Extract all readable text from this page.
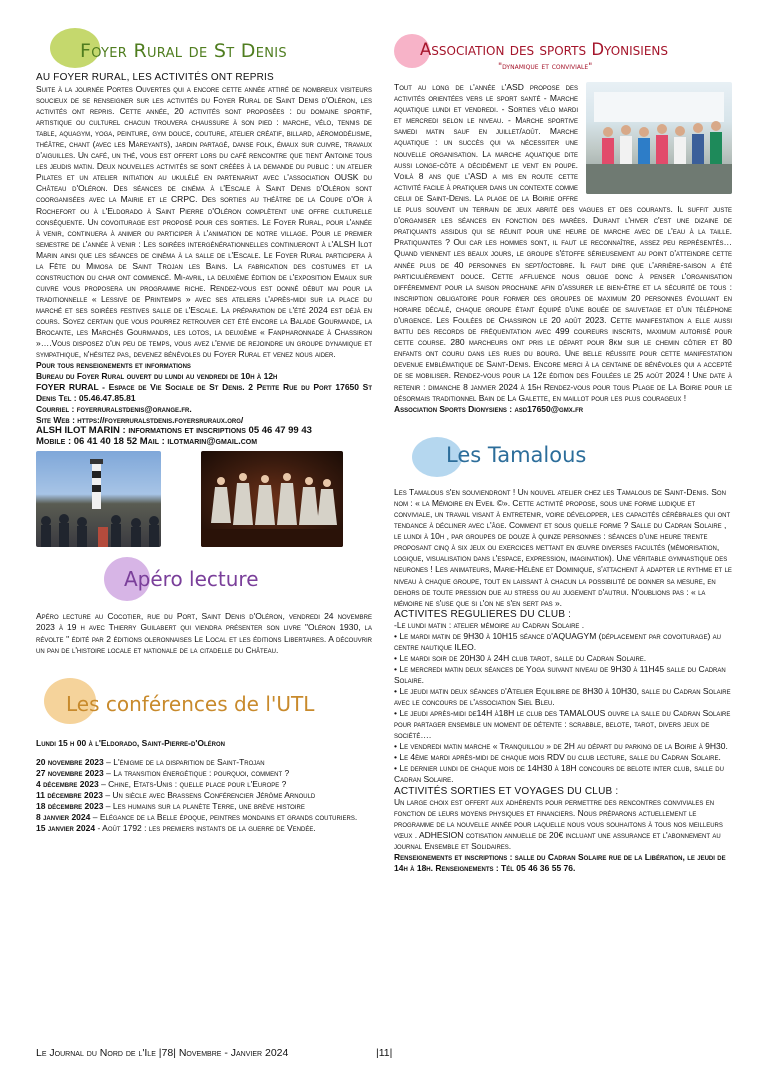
Foyer Rural de St Denis
AU FOYER RURAL, LES ACTIVITÉS ONT REPRIS
Suite à la journée Portes Ouvertes qui a encore cette année attiré de nombreux visiteurs soucieux de se renseigner sur les activités du Foyer Rural de Saint Denis d'Oléron, les activités ont repris. Cette année, 20 activités sont proposées : du domaine sportif, artistique ou culturel chacun trouvera chaussure à son pied : marche, vélo, tennis de table, aquagym, yoga, peinture, gym douce, couture, atelier créatif, billard, aéromodélisme, théâtre, chant (avec les Mareyants), jardin partagé, danse folk, émaux sur cuivre, travaux d'aiguilles. Un café, un thé, vous est offert lors du café rencontre que tient Antoine tous les jeudis matin. Deux nouvelles activités se sont créées à la demande du public : un atelier Pilates et un atelier initiation au ukulélé en partenariat avec l'association OUSK du Château d'Oléron. Des séances de cinéma à l'Escale à Saint Denis d'Oléron sont coorganisées avec la Mairie et le CRPC. Des sorties au théâtre de la Coupe d'Or à Rochefort ou à l'Eldorado à Saint Pierre d'Oléron complètent une offre culturelle conséquente. Un covoiturage est proposé pour ces sorties. Le Foyer Rural, pour l'année à venir, continuera à animer ou participer à l'animation de notre village. Pour le premier semestre de l'année à venir : Les soirées intergénérationnelles continueront à l'ALSH Ilot Marin ainsi que les séances de cinéma à la salle de l'Escale. Le Foyer Rural participera à la Fête du Mimosa de Saint Trojan les Bains. La fabrication des costumes et la construction du char ont commencé. Mi-avril, la deuxième édition de l'exposition Emaux sur cuivre vous proposera un programme riche. Rendez-vous est donné début mai pour la traditionnelle « Lessive de Printemps » avec ses ateliers l'après-midi sur la place du marché et ses soirées festives salle de l'Escale. La préparation de l'été 2024 est déjà en cours. Soyez certain que vous pourrez retrouver cet été encore la Balade Gourmande, la Brocante, les Marchés Gourmands, les lotos, la deuxième « Fanpharonnade à Chassiron »….Vous disposez d'un peu de temps, vous avez l'envie de rejoindre un groupe dynamique et sympathique, n'hésitez pas, devenez bénévoles du Foyer Rural et venez nous aider.
Pour tous renseignements et informations
Bureau du Foyer Rural ouvert du lundi au vendredi de 10h à 12h
FOYER RURAL - Espace de Vie Sociale de St Denis. 2 Petite Rue du Port 17650 St Denis Tel : 05.46.47.85.81
Courriel : foyerruralstdenis@orange.fr.
Site Web : https://foyerruralstdenis.foyersruraux.org/
ALSH ILOT MARIN : informations et inscriptions 05 46 47 99 43
Mobile : 06 41 40 18 52 Mail : ilotmarin@gmail.com
Apéro lecture
Apéro lecture au Cocotier, rue du Port, Saint Denis d'Oléron, vendredi 24 novembre 2023 à 19 h avec Thierry Guilabert qui viendra présenter son livre "Oléron 1930, la révolte " édité par 2 éditions oleronnaises Le Local et les éditions Libertaires. A découvrir un pan de l'histoire locale et nationale de la citadelle du Château.
Les conférences de l'UTL
Lundi 15 h 00 à l'Eldorado, Saint-Pierre-d'Oléron
20 novembre 2023 – L'énigme de la disparition de Saint-Trojan
27 novembre 2023 – La transition énergétique : pourquoi, comment ?
4 décembre 2023 – Chine, Etats-Unis : quelle place pour l'Europe ?
11 décembre 2023 – Un siècle avec Brassens Conférencier Jérôme Arnould
18 décembre 2023 – Les humains sur la planète Terre, une brève histoire
8 janvier 2024 – Elégance de la Belle époque, peintres mondains et grands couturiers.
15 janvier 2024 - Août 1792 : les premiers instants de la guerre de Vendée.
Association des sports Dyonisiens
"dynamique et conviviale"
Tout au long de l'année l'ASD propose des activités orientées vers le sport santé - Marche aquatique lundi et vendredi. - Sorties vélo mardi et mercredi selon le niveau. - Marche sportive samedi matin sauf en juillet/août. Marche aquatique : un succès qui va nécessiter une nouvelle organisation. La marche aquatique dite aussi longe-côte a décidément le vent en poupe. Voilà 8 ans que l'ASD a mis en route cette activité facile à pratiquer dans un contexte comme celui de Saint-Denis. La plage de la Boirie offre le plus souvent un terrain de jeux abrité des vagues et des courants. Il suffit juste d'organiser les séances en fonction des marées. Durant l'hiver c'est une dizaine de pratiquants assidus qui se réunit pour une heure de marche avec de l'eau à la taille. Pratiquantes ? Oui car les hommes sont, il faut le reconnaître, assez peu représentés… Quand viennent les beaux jours, le groupe s'étoffe sérieusement au point d'atteindre cette année plus de 40 personnes en sept/octobre. Il faut dire que l'arrière-saison a été particulièrement douce. Cette affluence nous oblige donc à penser l'organisation différemment pour la saison prochaine afin d'assurer le bien-être et la sécurité de tous : inscription obligatoire pour former des groupes de maximum 20 personnes évoluant en horaire décalé, chaque groupe étant équipé d'une bouée de sauvetage et d'un téléphone d'urgence. Les Foulées de Chassiron le 20 août 2023. Cette manifestation a elle aussi battu des records de fréquentation avec 499 coureurs inscrits, maximum autorisé pour cette course. 280 marcheurs ont pris le départ pour 8km sur le chemin côtier et 80 enfants ont couru dans les rues du bourg. Une belle réussite pour cette manifestation devenue emblématique de Saint-Denis. Encore merci à la centaine de bénévoles qui a accepté de se mobiliser. Rendez-vous pour la 12e édition des Foulées le 25 août 2024 ! Une date à retenir : dimanche 8 janvier 2024 à 15h Rendez-vous pour tous Plage de La Boirie pour le désormais traditionnel Bain de La Galette, en maillot pour les plus courageux !
Association Sports Dionysiens : asd17650@gmx.fr
Les Tamalous
Les Tamalous s'en souviendront ! Un nouvel atelier chez les Tamalous de Saint-Denis. Son nom : « la Mémoire en Eveil ©». Cette activité propose, sous une forme ludique et conviviale, un travail visant à entretenir, voire développer, les capacités cérébrales qui ont tendance à décliner avec l'âge. Comment et sous quelle forme ? Salle du Cadran Solaire , le lundi à 10h , par groupes de douze à quinze personnes : séances d'une heure trente proposant cinq à six jeux ou exercices mettant en œuvre diverses facultés (mémorisation, logique, visualisation dans l'espace, expression, imagination). Une véritable gymnastique des neurones ! Les animateurs, Marie-Hélène et Dominique, s'attachent à adapter le rythme et le niveau à chaque groupe, tout en laissant à chacun la possibilité de donner sa mesure, en dehors de toute pression due au stress ou au jugement d'autrui. N'oublions pas : « la mémoire ne s'use que si l'on ne s'en sert pas ».
ACTIVITES REGULIERES DU CLUB :
-Le lundi matin : atelier mémoire au Cadran Solaire .
• Le mardi matin de 9H30 à 10H15 séance d'AQUAGYM (déplacement par covoiturage) au centre nautique ILEO.
• Le mardi soir de 20H30 à 24H club tarot, salle du Cadran Solaire.
• Le mercredi matin deux séances de Yoga suivant niveau de 9H30 à 11H45 salle du Cadran Solaire.
• Le jeudi matin deux séances d'Atelier Equilibre de 8H30 à 10H30, salle du Cadran Solaire avec le concours de l'association Siel Bleu.
• Le jeudi après-midi de14H à18H le club des TAMALOUS ouvre la salle du Cadran Solaire pour partager ensemble un moment de détente : scrabble, belote, tarot, divers jeux de société….
• Le vendredi matin marche « Tranquillou » de 2H au départ du parking de la Boirie à 9H30.
• Le 4ème mardi après-midi de chaque mois RDV du club lecture, salle du Cadran Solaire.
• Le dernier lundi de chaque mois de 14H30 à 18H concours de belote inter club, salle du Cadran Solaire.
ACTIVITÉS SORTIES ET VOYAGES DU CLUB :
Un large choix est offert aux adhérents pour permettre des rencontres conviviales en fonction de leurs moyens physiques et financiers. Nous préparons actuellement le programme de la nouvelle année pour laquelle nous vous souhaitons à tous nos meilleurs vœux . ADHESION cotisation annuelle de 20€ incluant une assurance et l'abonnement au journal Ensemble et Solidaires.
Renseignements et inscriptions : salle du Cadran Solaire rue de la Libération, le jeudi de 14h à 18h. Renseignements : Tél 05 46 36 55 76.
Le Journal du Nord de l'Ile |78| Novembre - Janvier 2024	|11|
